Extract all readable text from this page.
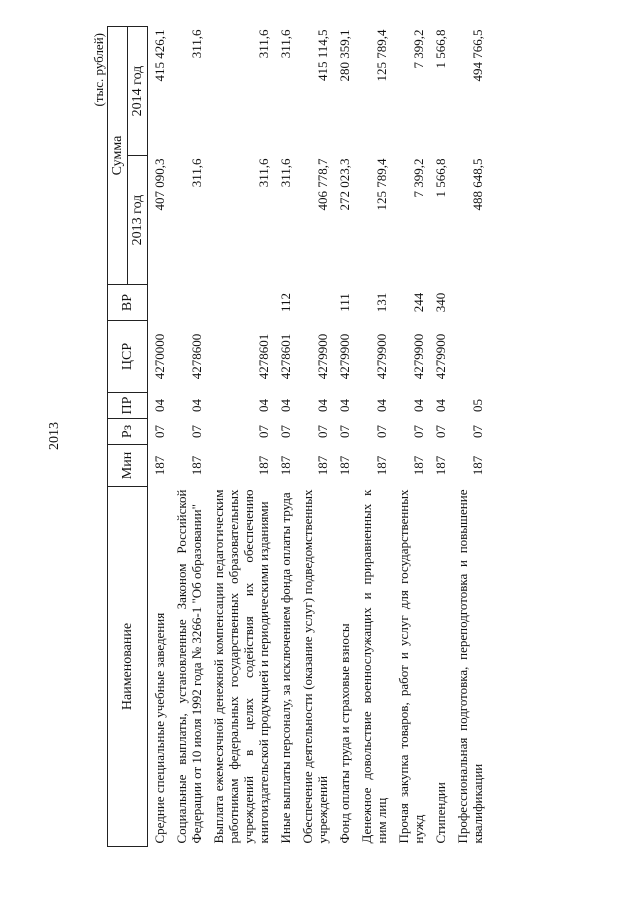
2013
(тыс. рублей)
Наименование	Мин	Рз	ПР	ЦСР	ВР	Сумма	
						2013 год	2014 год
Средние специальные учебные заведения	187	07	04	4270000		407 090,3	415 426,1
Социальные выплаты, установленные Законом Российской Федерации от 10 июля 1992 года № 3266-1 "Об образовании"	187	07	04	4278600		311,6	311,6
Выплата ежемесячной денежной компенсации педагогическим работникам федеральных государственных образовательных учреждений в целях содействия их обеспечению книгоиздательской продукцией и периодическими изданиями	187	07	04	4278601		311,6	311,6
Иные выплаты персоналу, за исключением фонда оплаты труда	187	07	04	4278601	112	311,6	311,6
Обеспечение деятельности (оказание услуг) подведомственных учреждений	187	07	04	4279900		406 778,7	415 114,5
Фонд оплаты труда и страховые взносы	187	07	04	4279900	111	272 023,3	280 359,1
Денежное довольствие военнослужащих и приравненных к ним лиц	187	07	04	4279900	131	125 789,4	125 789,4
Прочая закупка товаров, работ и услуг для государственных нужд	187	07	04	4279900	244	7 399,2	7 399,2
Стипендии	187	07	04	4279900	340	1 566,8	1 566,8
Профессиональная подготовка, переподготовка и повышение квалификации	187	07	05			488 648,5	494 766,5
